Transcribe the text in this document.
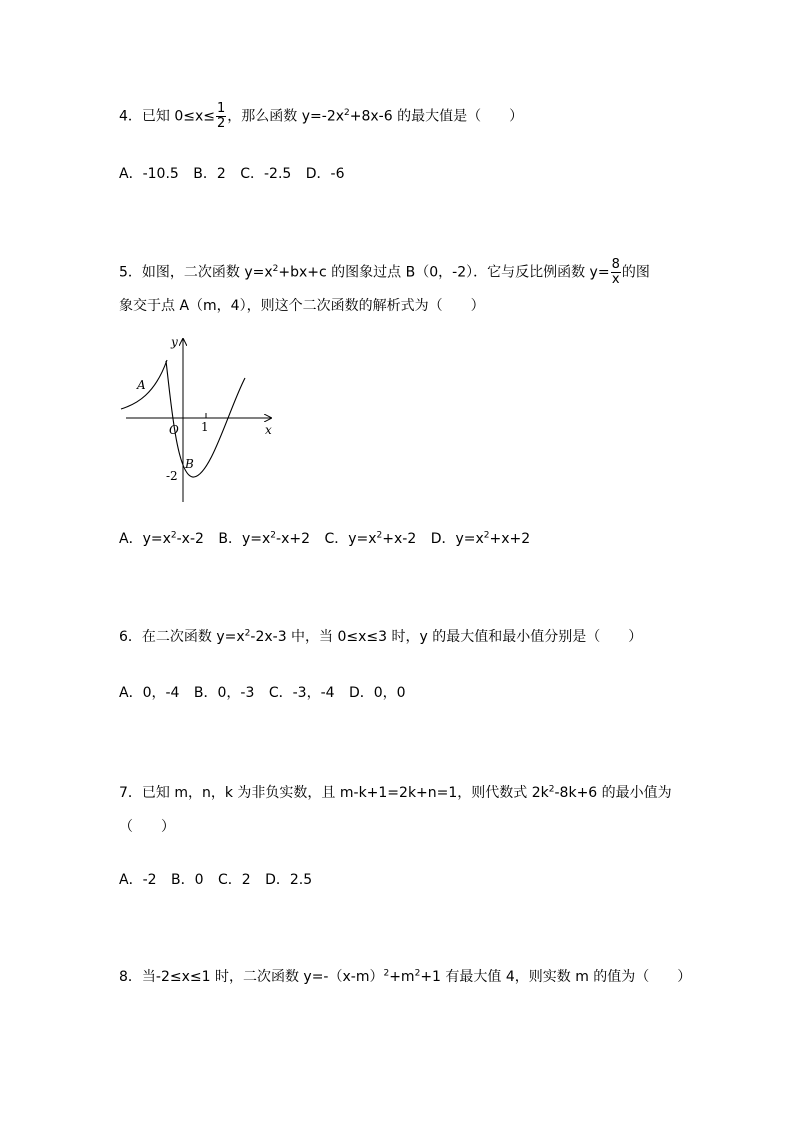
4．已知 $0\le x\le \frac{1}{2}$ ，那么函数 $y=-2x^2+8x-6$ 的最大值是（　　）
A．-10.5 B．2 C．-2.5 D．-6
5．如图，二次函数 $y=x^2+bx+c$ 的图象过点 B（0，-2）．它与反比例函数 $y= \frac{8}{x}$ 的图
象交于点 A（m，4），则这个二次函数的解析式为（　　）
y
x
O
A
B
1
-2
A．$y=x^2-x-2$ B．$y=x^2-x+2$ C．$y=x^2+x-2$ D．$y=x^2+x+2$
6．在二次函数 $y=x^2-2x-3$ 中，当 0≤x≤3 时，y 的最大值和最小值分别是（　　）
A．0，-4 B．0，-3 C．-3，-4 D．0，0
7．已知 m，n，k 为非负实数，且 m-k+1=2k+n=1，则代数式 $2k^2-8k+6$ 的最小值为
（　　）
A．-2 B．0 C．2 D．2.5
8．当-2≤x≤1 时，二次函数 $y=-(x-m)^2+m^2+1$ 有最大值 4，则实数 m 的值为（　　）
